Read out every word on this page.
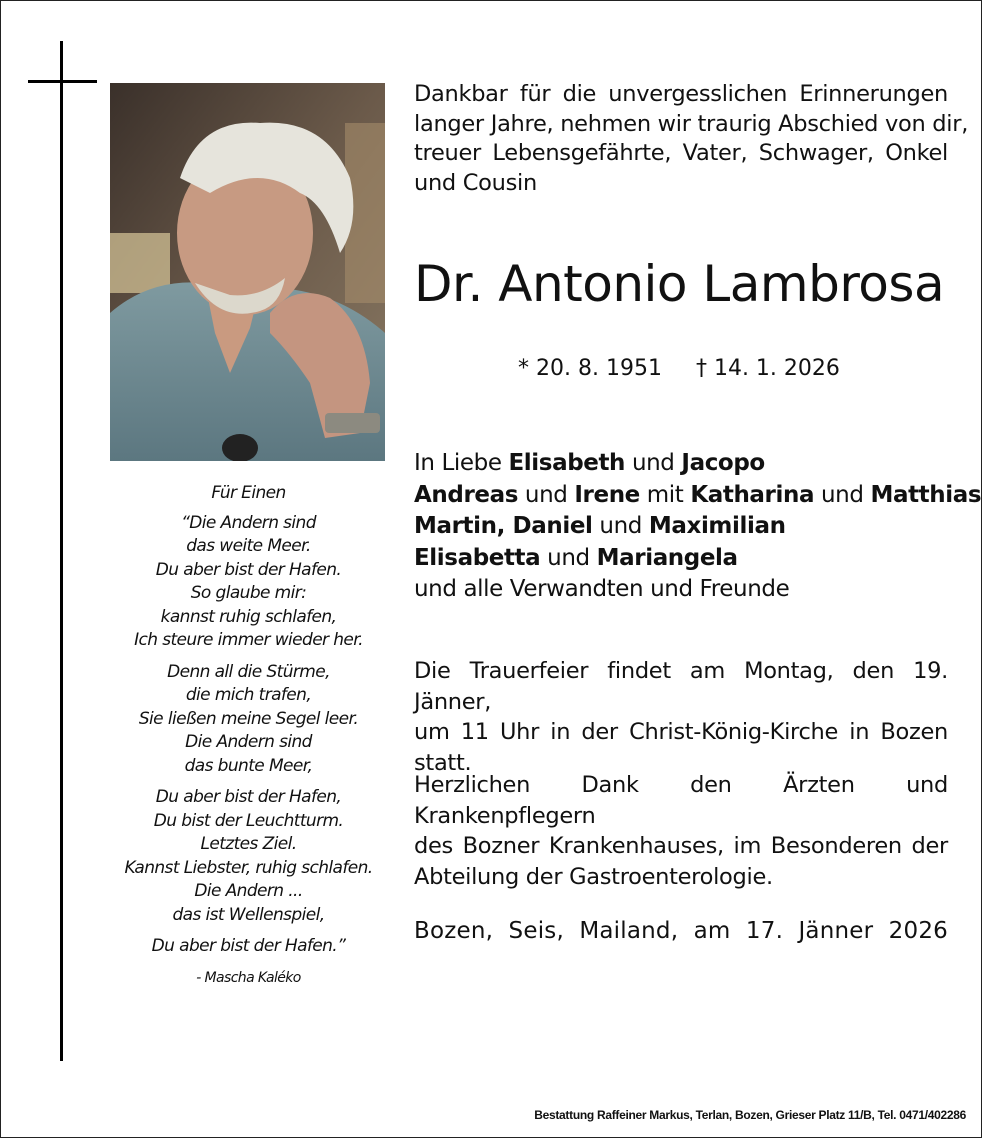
Für Einen
“Die Andern sind
das weite Meer.
Du aber bist der Hafen.
So glaube mir:
kannst ruhig schlafen,
Ich steure immer wieder her.
Denn all die Stürme,
die mich trafen,
Sie ließen meine Segel leer.
Die Andern sind
das bunte Meer,
Du aber bist der Hafen,
Du bist der Leuchtturm.
Letztes Ziel.
Kannst Liebster, ruhig schlafen.
Die Andern ...
das ist Wellenspiel,
Du aber bist der Hafen.”
- Mascha Kaléko
Dankbar für die unvergesslichen Erinnerungen
langer Jahre, nehmen wir traurig Abschied von dir,
treuer Lebensgefährte, Vater, Schwager, Onkel
und Cousin
Dr. Antonio Lambrosa
* 20. 8. 1951 † 14. 1. 2026
In Liebe Elisabeth und Jacopo
Andreas und Irene mit Katharina und Matthias
Martin, Daniel und Maximilian
Elisabetta und Mariangela
und alle Verwandten und Freunde
Die Trauerfeier findet am Montag, den 19. Jänner,
um 11 Uhr in der Christ-König-Kirche in Bozen
statt.
Herzlichen Dank den Ärzten und Krankenpflegern
des Bozner Krankenhauses, im Besonderen der
Abteilung der Gastroenterologie.
Bozen, Seis, Mailand, am 17. Jänner 2026
Bestattung Raffeiner Markus, Terlan, Bozen, Grieser Platz 11/B, Tel. 0471/402286
